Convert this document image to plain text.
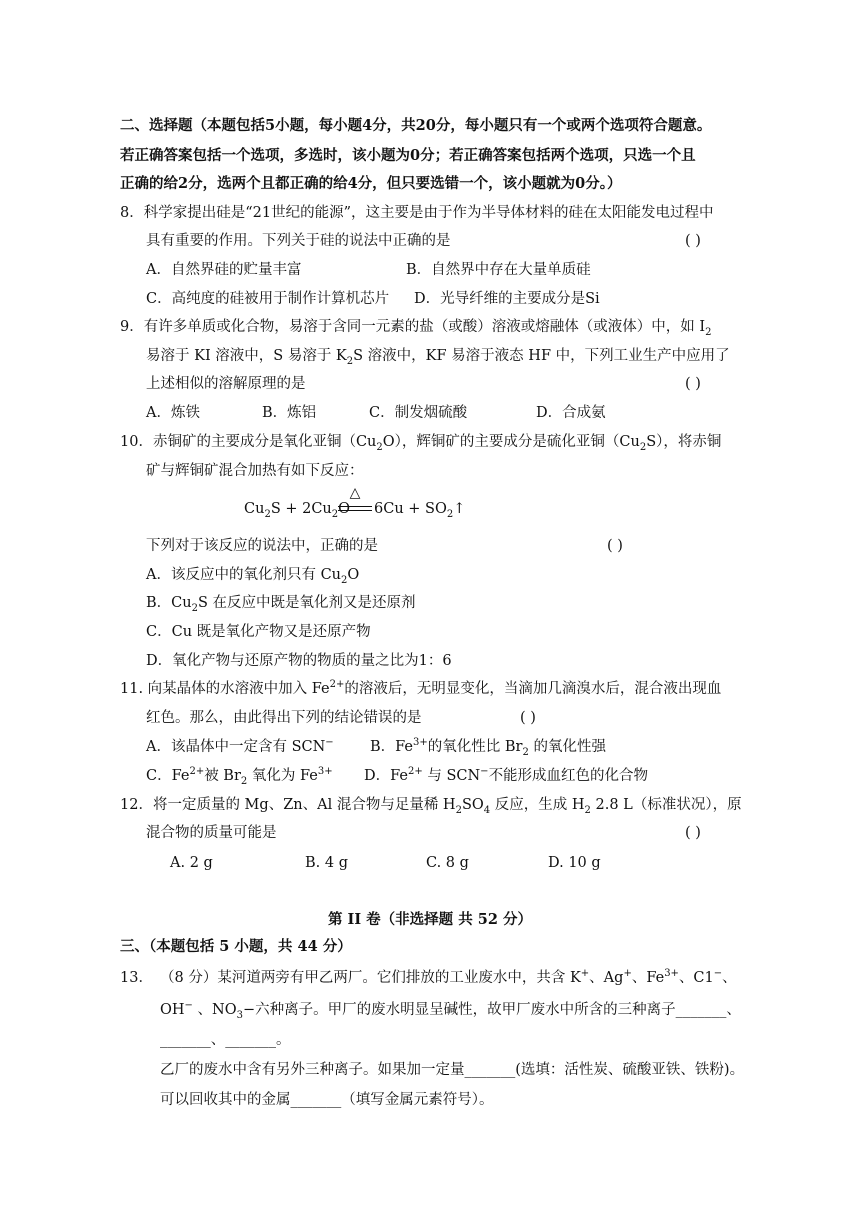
二、选择题（本题包括5小题，每小题4分，共20分，每小题只有一个或两个选项符合题意。
若正确答案包括一个选项，多选时，该小题为0分；若正确答案包括两个选项，只选一个且
正确的给2分，选两个且都正确的给4分，但只要选错一个，该小题就为0分。）
8．科学家提出硅是“21世纪的能源”，这主要是由于作为半导体材料的硅在太阳能发电过程中
具有重要的作用。下列关于硅的说法中正确的是	( )
A．自然界硅的贮量丰富	B．自然界中存在大量单质硅
C．高纯度的硅被用于制作计算机芯片 D．光导纤维的主要成分是Si
9．有许多单质或化合物，易溶于含同一元素的盐（或酸）溶液或熔融体（或液体）中，如 $I_2$
易溶于 KI 溶液中，S 易溶于 $K_2S$ 溶液中，KF 易溶于液态 HF 中，下列工业生产中应用了
上述相似的溶解原理的是	( )
A．炼铁	B．炼铝	C．制发烟硫酸	D．合成氨
10．赤铜矿的主要成分是氧化亚铜$(Cu_2O)$，辉铜矿的主要成分是硫化亚铜$(Cu_2S)$，将赤铜
矿与辉铜矿混合加热有如下反应：
$Cu_2S + 2Cu_2O$
△
$6Cu + SO_2↑$
下列对于该反应的说法中，正确的是	( )
A．该反应中的氧化剂只有 $Cu_2O$
B．$Cu_2S$ 在反应中既是氧化剂又是还原剂
C．Cu 既是氧化产物又是还原产物
D．氧化产物与还原产物的物质的量之比为1：6
11. 向某晶体的水溶液中加入 $Fe^{2+}$的溶液后，无明显变化，当滴加几滴溴水后，混合液出现血
红色。那么，由此得出下列的结论错误的是	( )
A．该晶体中一定含有 SCN−	B．$Fe^{3+}$的氧化性比 $Br_2$ 的氧化性强
C．$Fe^{2+}$被 $Br_2$ 氧化为 $Fe^{3+}$ D．$Fe^{2+}$ 与 SCN−不能形成血红色的化合物
12．将一定质量的 Mg、Zn、Al 混合物与足量稀 $H_2SO_4$ 反应，生成 $H_2$ 2.8 L（标准状况），原
混合物的质量可能是	( )
A. 2 g	B. 4 g	C. 8 g	D. 10 g
第 II 卷（非选择题 共 52 分）
三、（本题包括 5 小题，共 44 分）
13． （8 分）某河道两旁有甲乙两厂。它们排放的工业废水中，共含 K+、Ag+、$Fe^{3+}$、C1−、
OH− 、$NO_3-$六种离子。甲厂的废水明显呈碱性，故甲厂废水中所含的三种离子_______、
_______、_______。
乙厂的废水中含有另外三种离子。如果加一定量_______(选填：活性炭、硫酸亚铁、铁粉)。
可以回收其中的金属_______（填写金属元素符号）。
